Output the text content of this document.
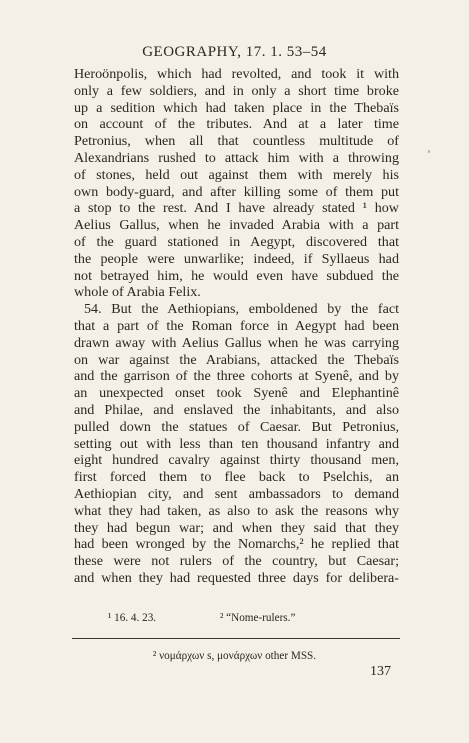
GEOGRAPHY, 17. 1. 53–54
Heroönpolis, which had revolted, and took it with
only a few soldiers, and in only a short time broke
up a sedition which had taken place in the Thebaïs
on account of the tributes. And at a later time
Petronius, when all that countless multitude of
Alexandrians rushed to attack him with a throwing
of stones, held out against them with merely his
own body-guard, and after killing some of them put
a stop to the rest. And I have already stated ¹ how
Aelius Gallus, when he invaded Arabia with a part
of the guard stationed in Aegypt, discovered that
the people were unwarlike; indeed, if Syllaeus had
not betrayed him, he would even have subdued the
whole of Arabia Felix.
54. But the Aethiopians, emboldened by the fact
that a part of the Roman force in Aegypt had been
drawn away with Aelius Gallus when he was carrying
on war against the Arabians, attacked the Thebaïs
and the garrison of the three cohorts at Syenê, and by
an unexpected onset took Syenê and Elephantinê
and Philae, and enslaved the inhabitants, and also
pulled down the statues of Caesar. But Petronius,
setting out with less than ten thousand infantry and
eight hundred cavalry against thirty thousand men,
first forced them to flee back to Pselchis, an
Aethiopian city, and sent ambassadors to demand
what they had taken, as also to ask the reasons why
they had begun war; and when they said that they
had been wronged by the Nomarchs,² he replied that
these were not rulers of the country, but Caesar;
and when they had requested three days for delibera-
¹ 16. 4. 23.	² “Nome-rulers.”
² νομάρχων s, μονάρχων other MSS.
137
